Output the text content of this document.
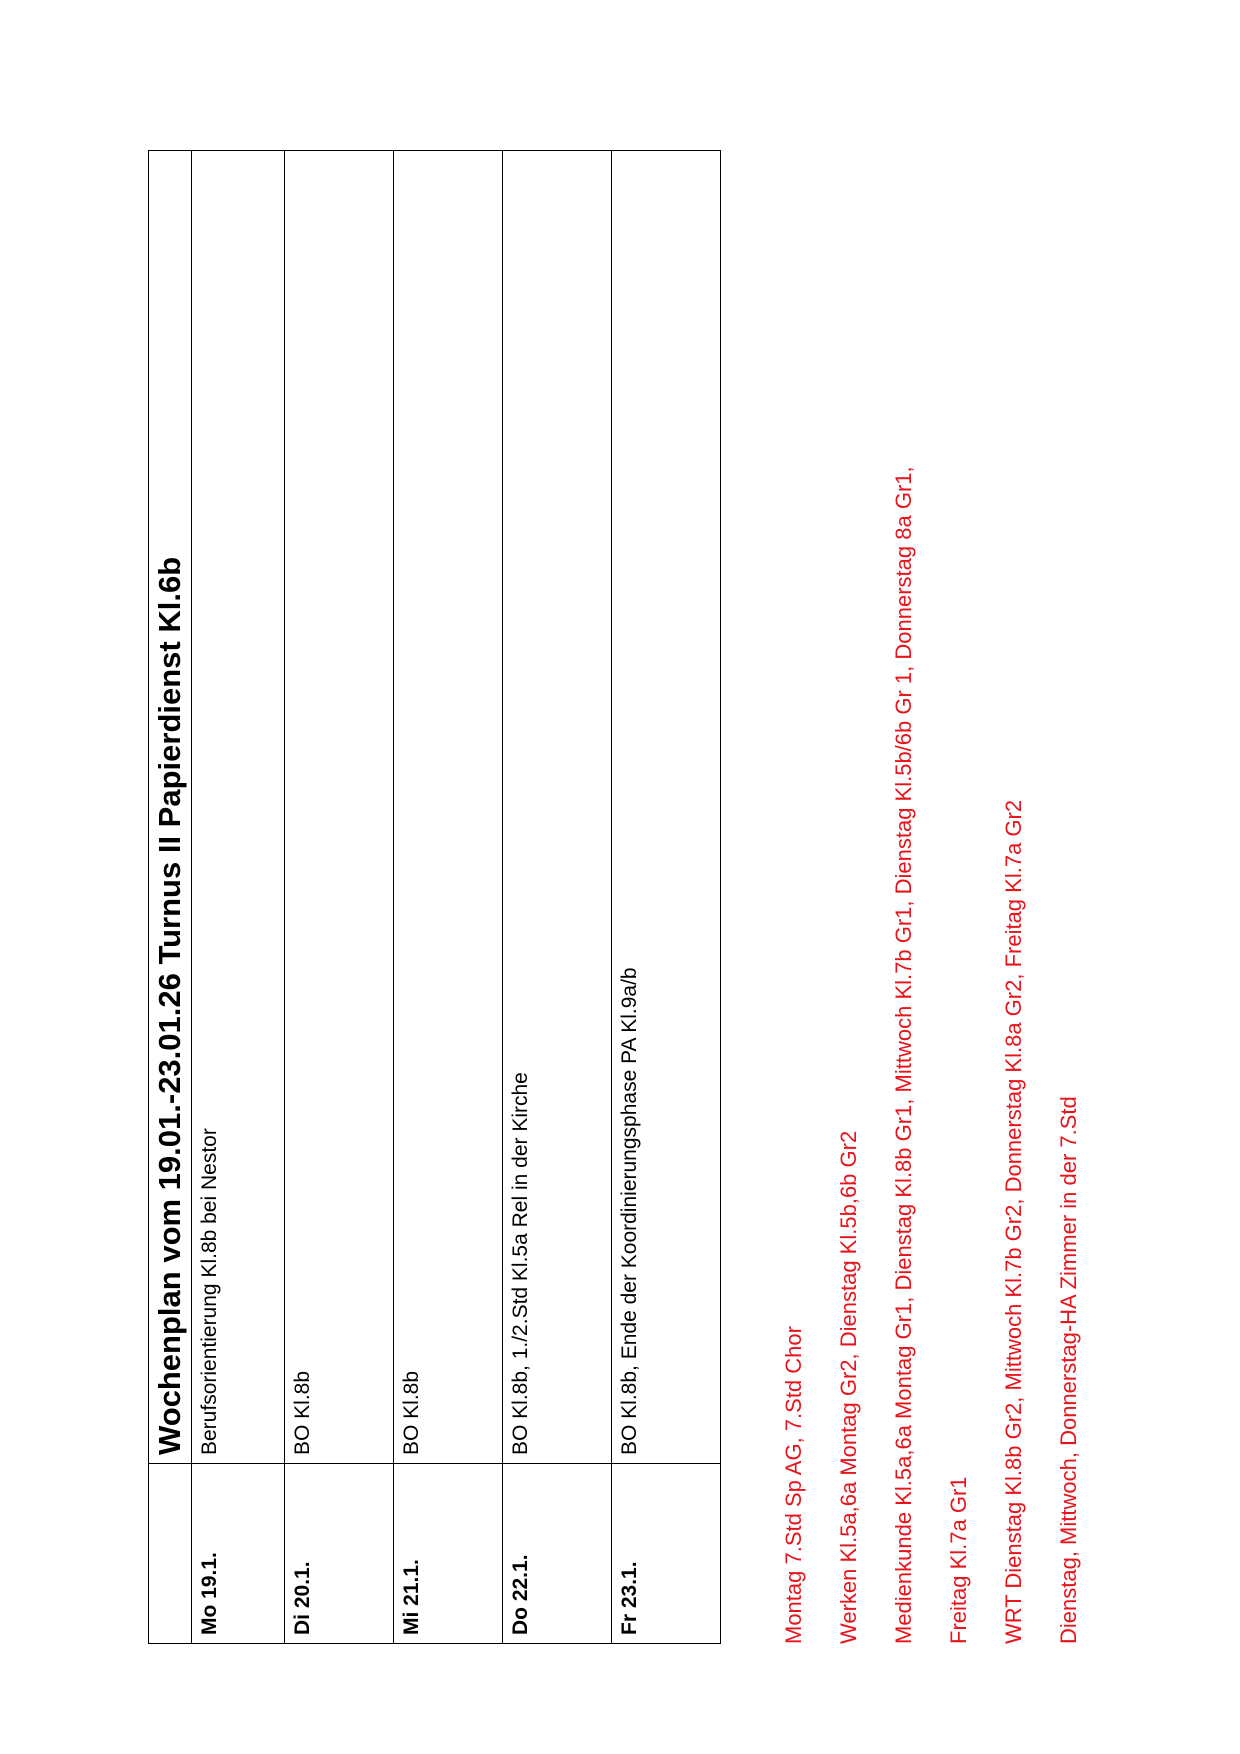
	Wochenplan vom 19.01.-23.01.26 Turnus II Papierdienst Kl.6b
Mo 19.1.	Berufsorientierung Kl.8b bei Nestor
Di 20.1.	BO Kl.8b
Mi 21.1.	BO Kl.8b
Do 22.1.	BO Kl.8b, 1./2.Std Kl.5a Rel in der Kirche
Fr 23.1.	BO Kl.8b, Ende der Koordinierungsphase PA Kl.9a/b
Montag 7.Std Sp AG, 7.Std Chor Werken Kl.5a,6a Montag Gr2, Dienstag Kl.5b,6b Gr2 Medienkunde Kl.5a,6a Montag Gr1, Dienstag Kl.8b Gr1, Mittwoch Kl.7b Gr1, Dienstag Kl.5b/6b Gr 1, Donnerstag 8a Gr1, Freitag Kl.7a Gr1 WRT Dienstag Kl.8b Gr2, Mittwoch Kl.7b Gr2, Donnerstag Kl.8a Gr2, Freitag Kl.7a Gr2 Dienstag, Mittwoch, Donnerstag-HA Zimmer in der 7.Std
